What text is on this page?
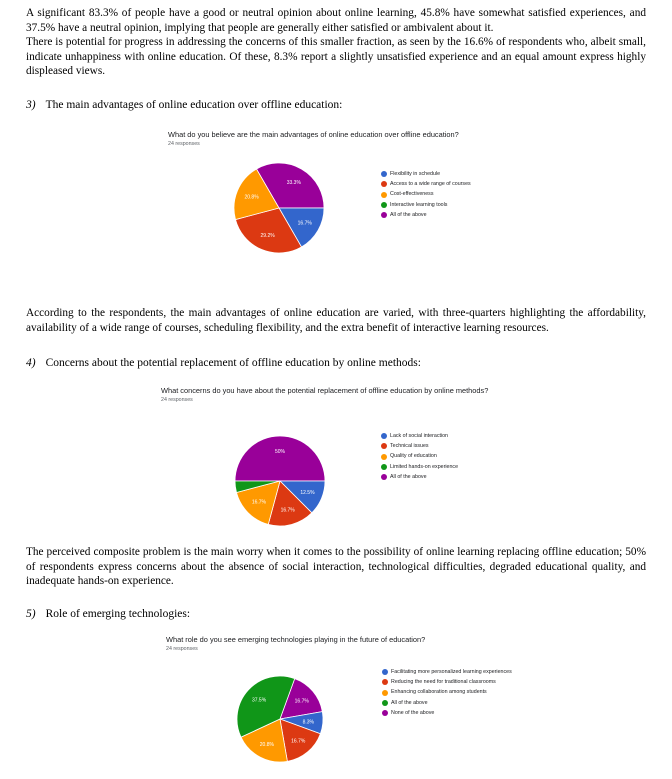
A significant 83.3% of people have a good or neutral opinion about online learning, 45.8% have somewhat satisfied experiences, and 37.5% have a neutral opinion, implying that people are generally either satisfied or ambivalent about it.

There is potential for progress in addressing the concerns of this smaller fraction, as seen by the 16.6% of respondents who, albeit small, indicate unhappiness with online education. Of these, 8.3% report a slightly unsatisfied experience and an equal amount express highly displeased views.

3) The main advantages of online education over offline education:

What do you believe are the main advantages of online education over offline education?

24 responses

33.3%
16.7%
29.2%
20.8%
Flexibility in schedule
Access to a wide range of courses
Cost-effectiveness
Interactive learning tools
All of the above

According to the respondents, the main advantages of online education are varied, with three-quarters highlighting the affordability, availability of a wide range of courses, scheduling flexibility, and the extra benefit of interactive learning resources.

4) Concerns about the potential replacement of offline education by online methods:

What concerns do you have about the potential replacement of offline education by online methods?

24 responses

50%
12.5%
16.7%
16.7%
Lack of social interaction
Technical issues
Quality of education
Limited hands-on experience
All of the above

The perceived composite problem is the main worry when it comes to the possibility of online learning replacing offline education; 50% of respondents express concerns about the absence of social interaction, technological difficulties, degraded educational quality, and inadequate hands-on experience.

5) Role of emerging technologies:

What role do you see emerging technologies playing in the future of education?

24 responses

16.7%
8.3%
16.7%
20.8%
37.5%
Facilitating more personalized learning experiences
Reducing the need for traditional classrooms
Enhancing collaboration among students
All of the above
None of the above
